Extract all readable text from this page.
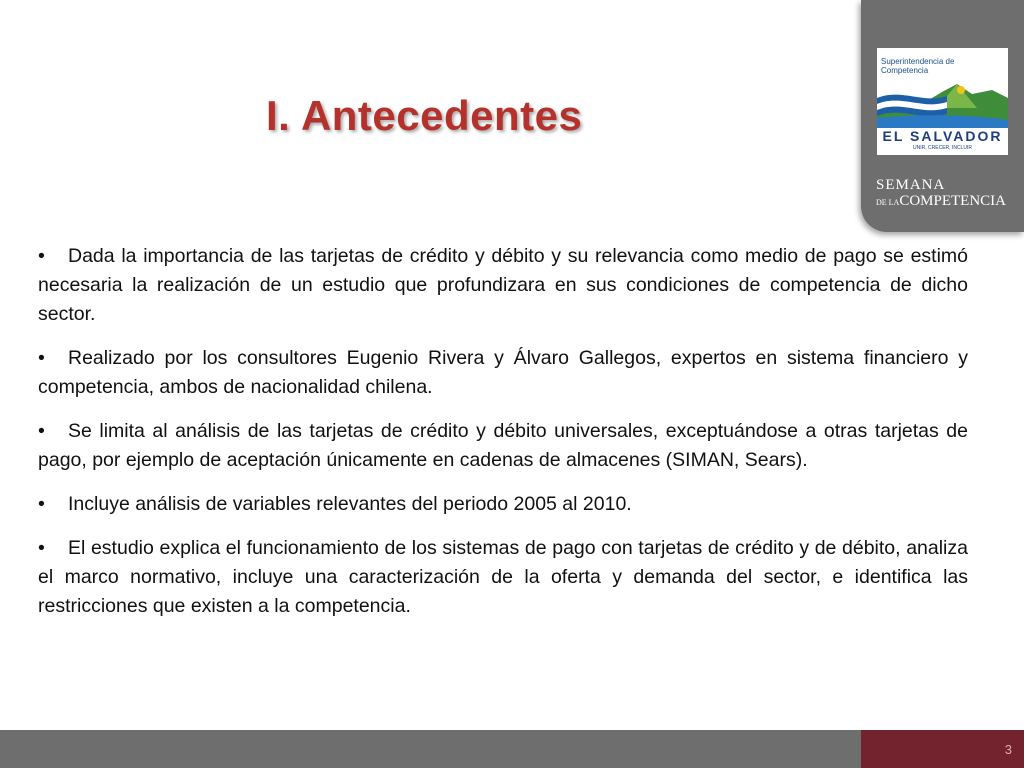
I. Antecedentes
Superintendencia de
Competencia
EL SALVADOR
UNIR, CRECER, INCLUIR
SEMANA
DE LACOMPETENCIA
• Dada la importancia de las tarjetas de crédito y débito y su relevancia como medio de pago se estimó necesaria la realización de un estudio que profundizara en sus condiciones de competencia de dicho sector.
• Realizado por los consultores Eugenio Rivera y Álvaro Gallegos, expertos en sistema financiero y competencia, ambos de nacionalidad chilena.
• Se limita al análisis de las tarjetas de crédito y débito universales, exceptuándose a otras tarjetas de pago, por ejemplo de aceptación únicamente en cadenas de almacenes (SIMAN, Sears).
• Incluye análisis de variables relevantes del periodo 2005 al 2010.
• El estudio explica el funcionamiento de los sistemas de pago con tarjetas de crédito y de débito, analiza el marco normativo, incluye una caracterización de la oferta y demanda del sector, e identifica las restricciones que existen a la competencia.
3
